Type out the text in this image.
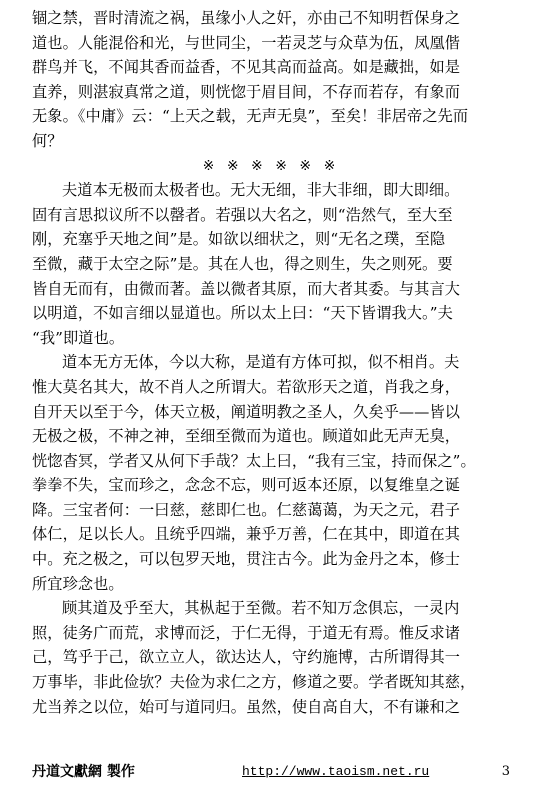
锢之禁，晋时清流之祸，虽缘小人之奸，亦由己不知明哲保身之
道也。人能混俗和光，与世同尘，一若灵芝与众草为伍，凤凰偕
群鸟并飞，不闻其香而益香，不见其高而益高。如是藏拙，如是
直养，则湛寂真常之道，则恍惚于眉目间，不存而若存，有象而
无象。《中庸》云：“上天之载，无声无臭”，至矣！非居帝之先而
何？
※ ※ ※ ※ ※ ※
夫道本无极而太极者也。无大无细，非大非细，即大即细。
固有言思拟议所不以罄者。若强以大名之，则“浩然气，至大至
刚，充塞乎天地之间”是。如欲以细状之，则“无名之璞，至隐
至微，藏于太空之际”是。其在人也，得之则生，失之则死。要
皆自无而有，由微而著。盖以微者其原，而大者其委。与其言大
以明道，不如言细以显道也。所以太上曰：“天下皆谓我大。”夫
“我”即道也。
道本无方无体，今以大称，是道有方体可拟，似不相肖。夫
惟大莫名其大，故不肖人之所谓大。若欲形天之道，肖我之身，
自开天以至于今，体天立极，阐道明教之圣人，久矣乎——皆以
无极之极，不神之神，至细至微而为道也。顾道如此无声无臭，
恍惚杳冥，学者又从何下手哉？太上曰，“我有三宝，持而保之”。
拳拳不失，宝而珍之，念念不忘，则可返本还原，以复维皇之诞
降。三宝者何：一曰慈，慈即仁也。仁慈蔼蔼，为天之元，君子
体仁，足以长人。且统乎四端，兼乎万善，仁在其中，即道在其
中。充之极之，可以包罗天地，贯注古今。此为金丹之本，修士
所宜珍念也。
顾其道及乎至大，其枞起于至微。若不知万念俱忘，一灵内
照，徒务广而荒，求博而泛，于仁无得，于道无有焉。惟反求诸
己，笃乎于己，欲立立人，欲达达人，守约施博，古所谓得其一
万事毕，非此俭欤？夫俭为求仁之方，修道之要。学者既知其慈，
尤当养之以位，始可与道同归。虽然，使自高自大，不有谦和之
丹道文獻網 製作	http://www.taoism.net.ru	3
